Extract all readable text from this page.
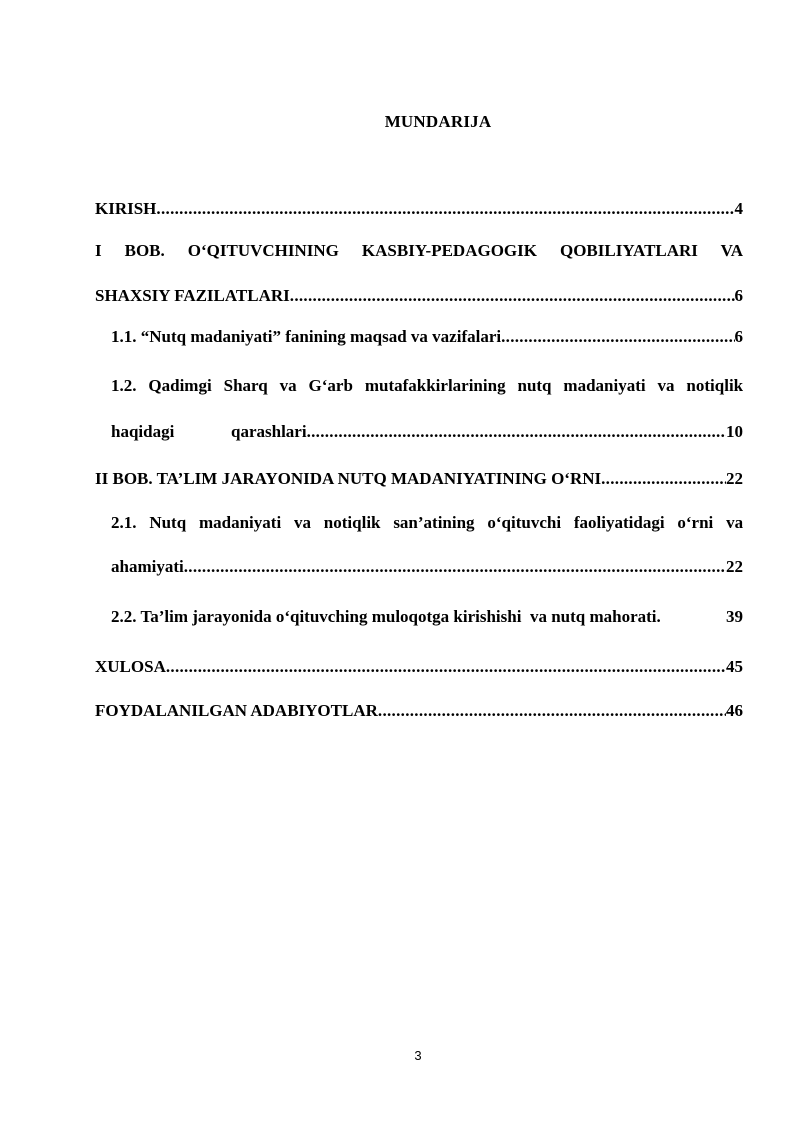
MUNDARIJA
KIRISH .....	4
I BOB. O‘QITUVCHINING KASBIY-PEDAGOGIK QOBILIYATLARI VA
SHAXSIY FAZILATLARI .....	6
1.1. “Nutq madaniyati” fanining maqsad va vazifalari .....	6
1.2. Qadimgi Sharq va G‘arb mutafakkirlarining nutq madaniyati va notiqlik
haqidagi	qarashlari .....	10
II BOB. TA’LIM JARAYONIDA NUTQ MADANIYATINING O‘RNI .....	22
2.1. Nutq madaniyati va notiqlik san’atining o‘qituvchi faoliyatidagi o‘rni va
ahamiyati .....	22
2.2. Ta’lim jarayonida o‘qituvching muloqotga kirishishi  va nutq mahorati.	39
XULOSA .....	45
FOYDALANILGAN ADABIYOTLAR .....	46
3
